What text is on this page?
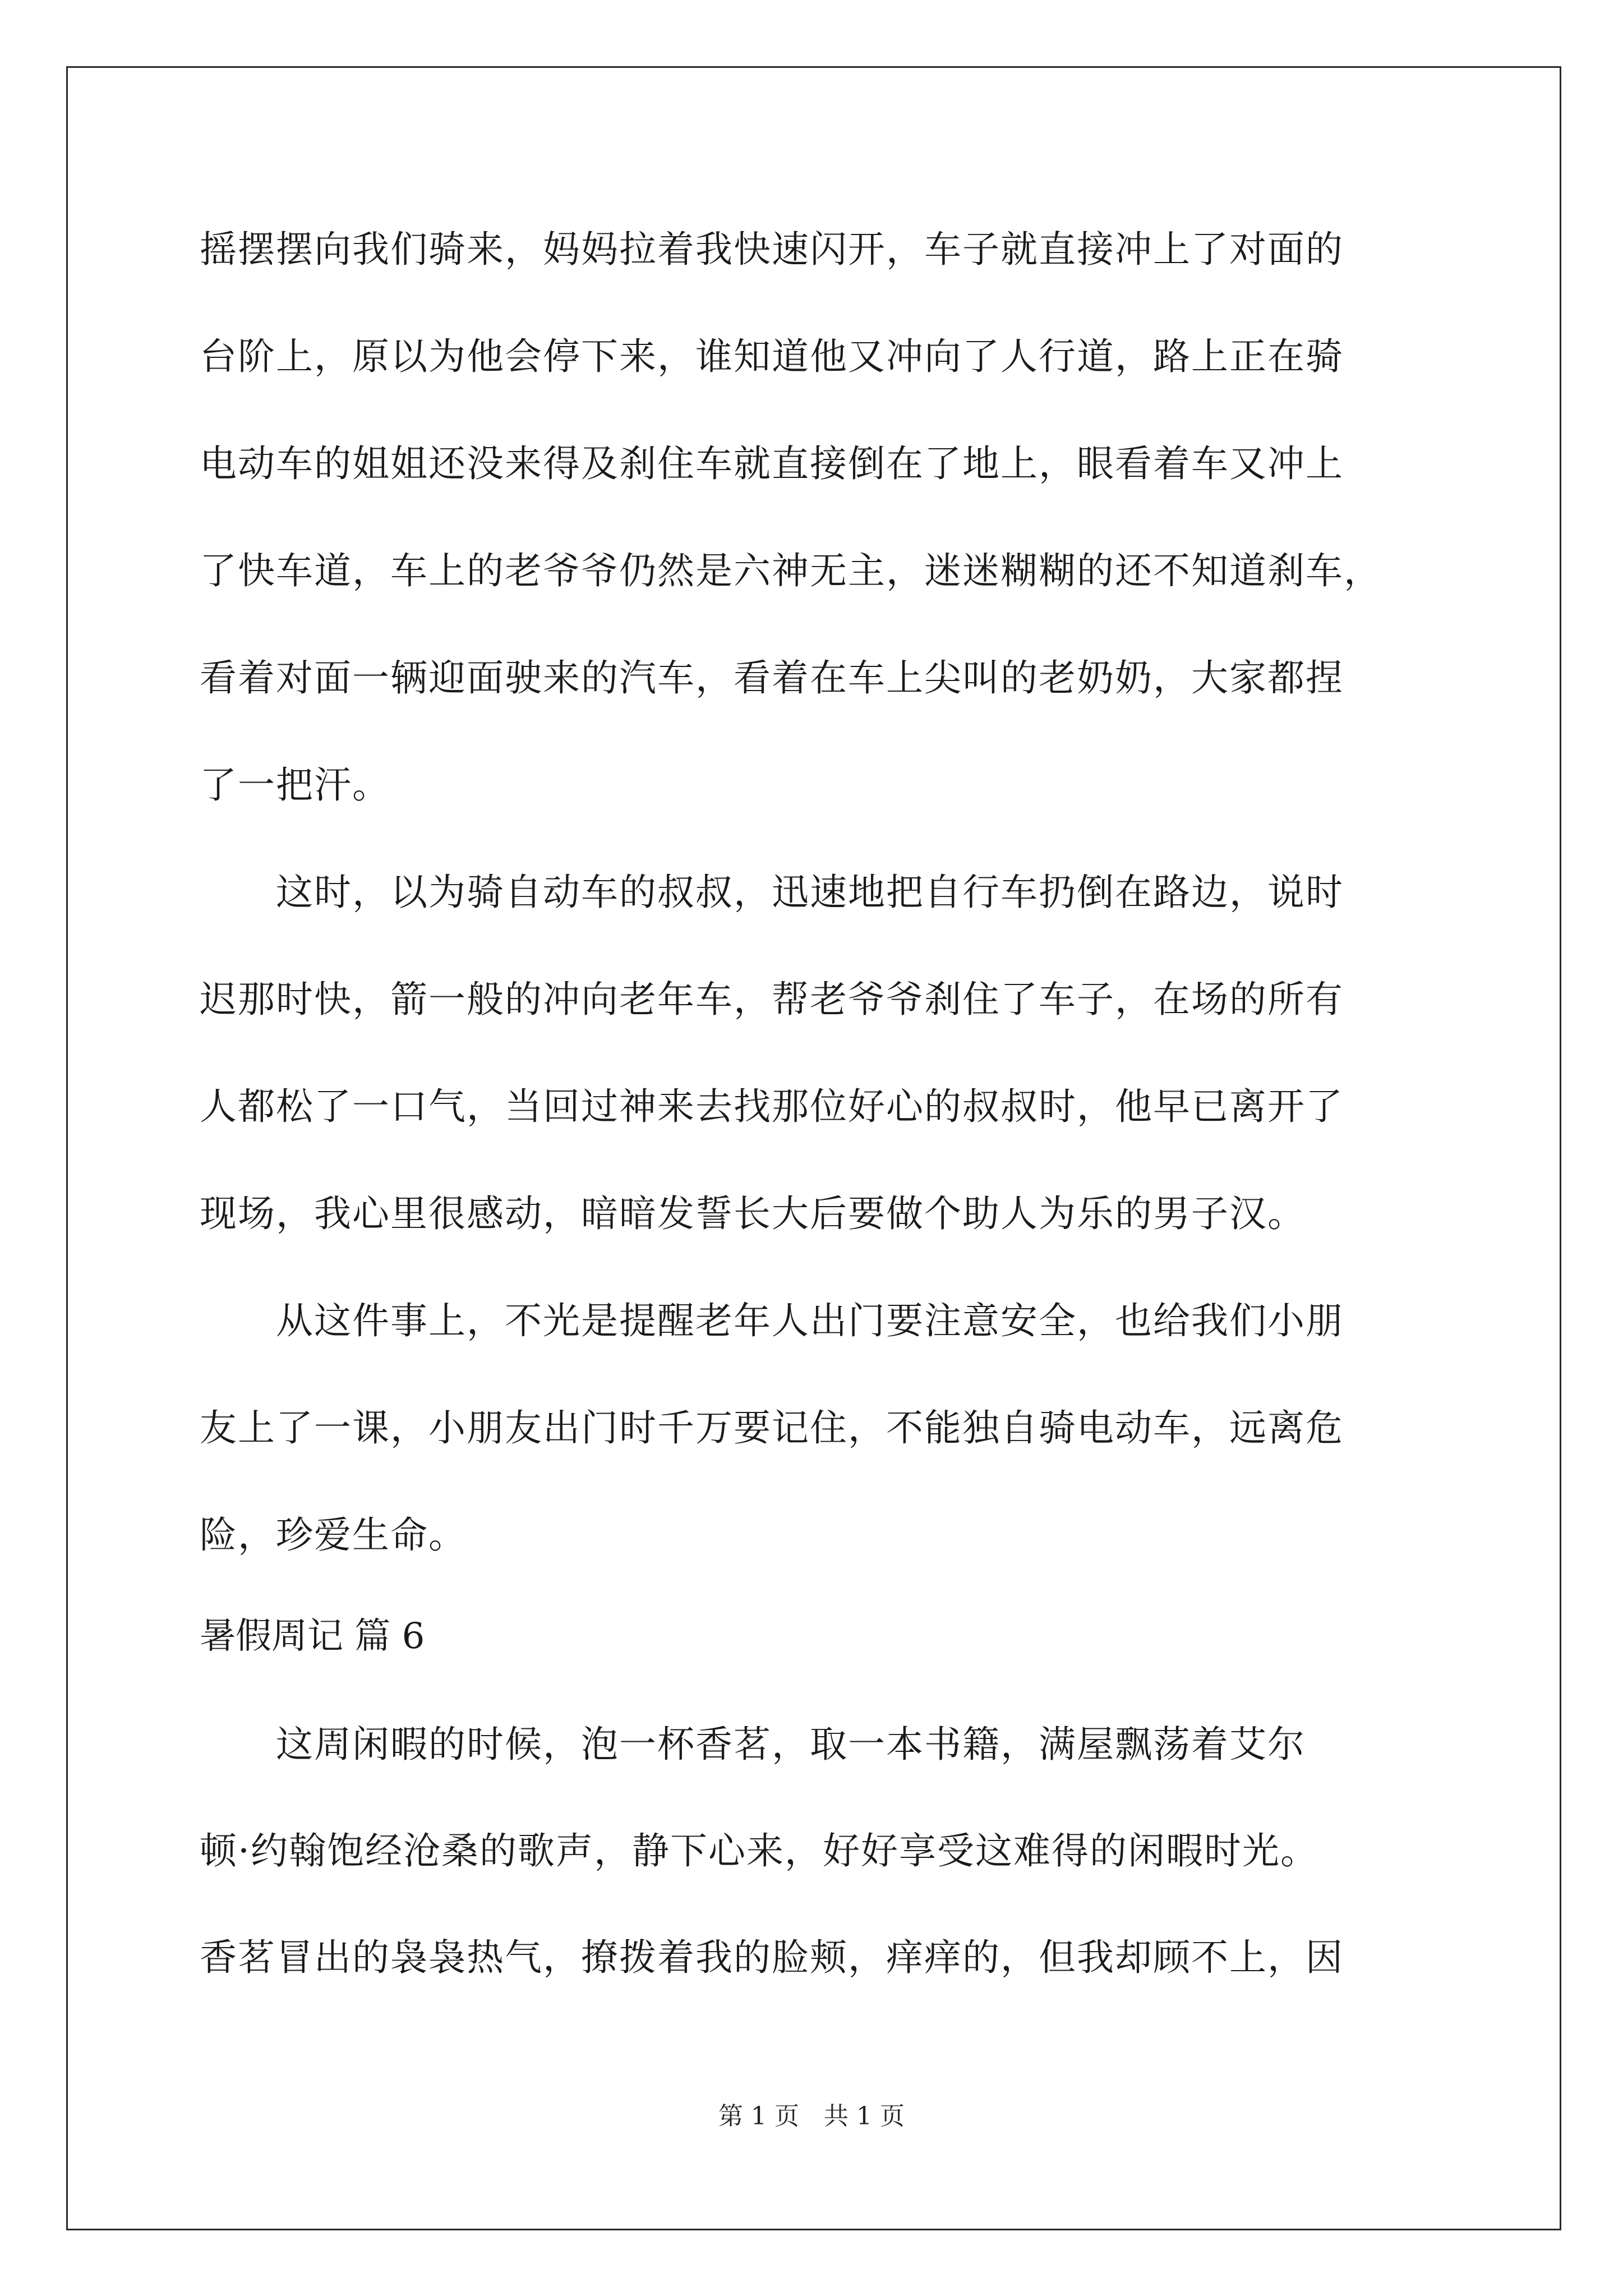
摇摆摆向我们骑来，妈妈拉着我快速闪开，车子就直接冲上了对面的
台阶上，原以为他会停下来，谁知道他又冲向了人行道，路上正在骑
电动车的姐姐还没来得及刹住车就直接倒在了地上，眼看着车又冲上
了快车道，车上的老爷爷仍然是六神无主，迷迷糊糊的还不知道刹车，
看着对面一辆迎面驶来的汽车，看着在车上尖叫的老奶奶，大家都捏
了一把汗。
　　这时，以为骑自动车的叔叔，迅速地把自行车扔倒在路边，说时
迟那时快，箭一般的冲向老年车，帮老爷爷刹住了车子，在场的所有
人都松了一口气，当回过神来去找那位好心的叔叔时，他早已离开了
现场，我心里很感动，暗暗发誓长大后要做个助人为乐的男子汉。
　　从这件事上，不光是提醒老年人出门要注意安全，也给我们小朋
友上了一课，小朋友出门时千万要记住，不能独自骑电动车，远离危
险，珍爱生命。
暑假周记 篇 6
　　这周闲暇的时候，泡一杯香茗，取一本书籍，满屋飘荡着艾尔
顿·约翰饱经沧桑的歌声，静下心来，好好享受这难得的闲暇时光。
香茗冒出的袅袅热气，撩拨着我的脸颊，痒痒的，但我却顾不上，因
第 1 页　共 1 页
